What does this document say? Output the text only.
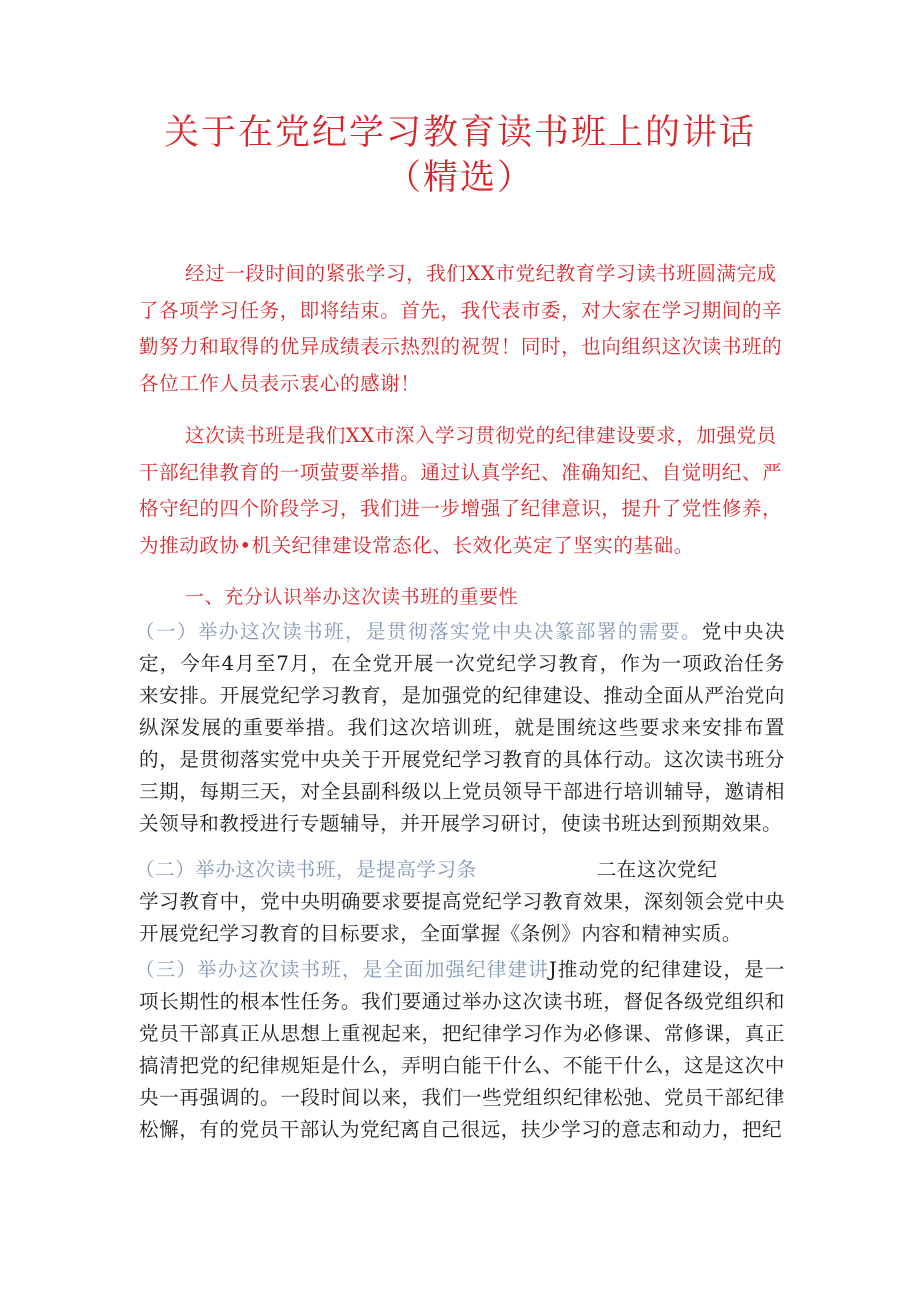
关于在党纪学习教育读书班上的讲话
（精选）

经过一段时间的紧张学习，我们XX市党纪教育学习读书班圆满完成了各项学习任务，即将结束。首先，我代表市委，对大家在学习期间的辛勤努力和取得的优异成绩表示热烈的祝贺！同时，也向组织这次读书班的各位工作人员表示衷心的感谢！

这次读书班是我们XX市深入学习贯彻党的纪律建设要求，加强党员干部纪律教育的一项萤要举措。通过认真学纪、准确知纪、自觉明纪、严格守纪的四个阶段学习，我们进一步增强了纪律意识，提升了党性修养，为推动政协•机关纪律建设常态化、长效化英定了坚实的基础。

一、充分认识举办这次读书班的重要性

（一）举办这次读书班，是贯彻落实党中央决篆部署的需要。党中央决定，今年4月至7月，在全党开展一次党纪学习教育，作为一项政治任务来安排。开展党纪学习教育，是加强党的纪律建设、推动全面从严治党向纵深发展的重要举措。我们这次培训班，就是围统这些要求来安排布置的，是贯彻落实党中央关于开展党纪学习教育的具体行动。这次读书班分三期，每期三天，对全县副科级以上党员领导干部进行培训辅导，邀请相关领导和教授进行专题辅导，并开展学习研讨，使读书班达到预期效果。

（二）举办这次读书班，是提高学习条	二在这次党纪
学习教育中，党中央明确要求要提高党纪学习教育效果，深刻领会党中央开展党纪学习教育的目标要求，全面掌握《条例》内容和精神实质。

（三）举办这次读书班，是全面加强纪律建讲J推动党的纪律建设，是一项长期性的根本性任务。我们要通过举办这次读书班，督促各级党组织和党员干部真正从思想上重视起来，把纪律学习作为必修课、常修课，真正搞清把党的纪律规矩是什么，弄明白能干什么、不能干什么，这是这次中央一再强调的。一段时间以来，我们一些党组织纪律松弛、党员干部纪律松懈，有的党员干部认为党纪离自己很远，扶少学习的意志和动力，把纪
